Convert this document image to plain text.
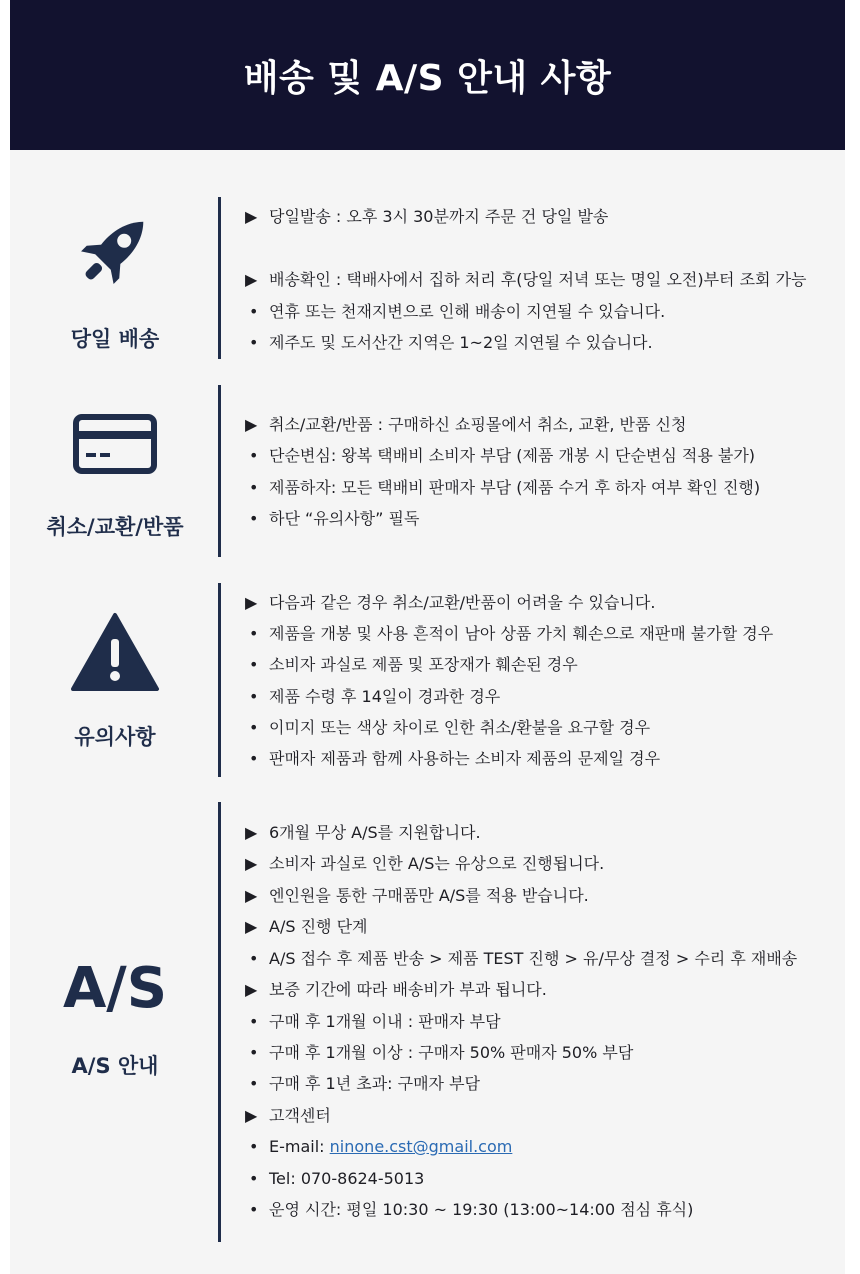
배송 및 A/S 안내 사항
당일 배송
▶ 당일발송 : 오후 3시 30분까지 주문 건 당일 발송
▶ 배송확인 : 택배사에서 집하 처리 후(당일 저녁 또는 명일 오전)부터 조회 가능
• 연휴 또는 천재지변으로 인해 배송이 지연될 수 있습니다.
• 제주도 및 도서산간 지역은 1~2일 지연될 수 있습니다.
취소/교환/반품
▶ 취소/교환/반품 : 구매하신 쇼핑몰에서 취소, 교환, 반품 신청
• 단순변심: 왕복 택배비 소비자 부담 (제품 개봉 시 단순변심 적용 불가)
• 제품하자: 모든 택배비 판매자 부담 (제품 수거 후 하자 여부 확인 진행)
• 하단 “유의사항” 필독
유의사항
▶ 다음과 같은 경우 취소/교환/반품이 어려울 수 있습니다.
• 제품을 개봉 및 사용 흔적이 남아 상품 가치 훼손으로 재판매 불가할 경우
• 소비자 과실로 제품 및 포장재가 훼손된 경우
• 제품 수령 후 14일이 경과한 경우
• 이미지 또는 색상 차이로 인한 취소/환불을 요구할 경우
• 판매자 제품과 함께 사용하는 소비자 제품의 문제일 경우
A/S
A/S 안내
▶ 6개월 무상 A/S를 지원합니다.
▶ 소비자 과실로 인한 A/S는 유상으로 진행됩니다.
▶ 엔인원을 통한 구매품만 A/S를 적용 받습니다.
▶ A/S 진행 단계
• A/S 접수 후 제품 반송 > 제품 TEST 진행 > 유/무상 결정 > 수리 후 재배송
▶ 보증 기간에 따라 배송비가 부과 됩니다.
• 구매 후 1개월 이내 : 판매자 부담
• 구매 후 1개월 이상 : 구매자 50% 판매자 50% 부담
• 구매 후 1년 초과: 구매자 부담
▶ 고객센터
• E-mail: ninone.cst@gmail.com
• Tel: 070-8624-5013
• 운영 시간: 평일 10:30 ~ 19:30 (13:00~14:00 점심 휴식)
